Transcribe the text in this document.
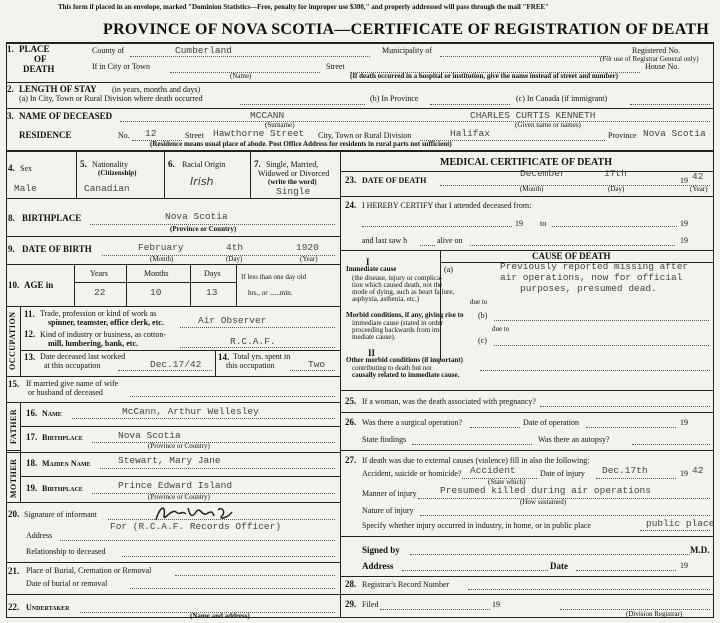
This form if placed in an envelope, marked "Dominion Statistics—Free, penalty for improper use $300," and properly addressed will pass through the mail "FREE"
PROVINCE OF NOVA SCOTIA—CERTIFICATE OF REGISTRATION OF DEATH
1. PLACE
OF
DEATH
County of	Cumberland	Municipality of	Registered No.
(For use of Registrar General only)
If in City or Town	Street	House No.
(Name)	(If death occurred in a hospital or institution, give the name instead of street and number)
2. LENGTH OF STAY (in years, months and days)
(a) In City, Town or Rural Division where death occurred	(b) In Province	(c) In Canada (if immigrant)
3. NAME OF DECEASED	MCCANN	CHARLES CURTIS KENNETH
(Surname)	(Given name or names)
RESIDENCE	No. 12	Street Hawthorne Street City, Town or Rural Division	Halifax	Province Nova Scotia
(Residence means usual place of abode. Post Office Address for residents in rural parts not sufficient)
4. Sex
Male
5. Nationality
(Citizenship)
Canadian
6. Racial Origin
Irish
7. Single, Married,
Widowed or Divorced
(write the word)
Single
8. BIRTHPLACE	Nova Scotia
(Province or Country)
9. DATE OF BIRTH	February	4th	1920
(Month)	(Day)	(Year)
10. AGE in
Years	Months	Days
22	10	13
If less than one day old
hrs., or ......min.
OCCUPATION 11. Trade, profession or kind of work as
spinner, teamster, office clerk, etc.	Air Observer
12. Kind of industry or business, as cotton-
mill, lumbering, bank, etc.	R.C.A.F.
13. Date deceased last worked
at this occupation	Dec.17/42
14. Total yrs. spent in
this occupation	Two
15. If married give name of wife
or husband of deceased
FATHER
MOTHER
16. Name	McCann, Arthur Wellesley
17. Birthplace	Nova Scotia
(Province or Country)
18. Maiden Name	Stewart, Mary Jane
19. Birthplace	Prince Edward Island
(Province or Country)
20. Signature of informant
For (R.C.A.F. Records Officer)
Address
Relationship to deceased
21. Place of Burial, Cremation or Removal
Date of burial or removal
22. Undertaker
(Name and address)
MEDICAL CERTIFICATE OF DEATH
23. DATE OF DEATH
December	17th
19 42
(Month)	(Day)	(Year)
24. I HEREBY CERTIFY that I attended deceased from:
19 to	19
and last saw h	alive on	19
CAUSE OF DEATH
I
Immediate cause
(the disease, injury or complica-
tion which caused death, not the
mode of dying, such as heart failure,
asphyxia, asthenia, etc.)
(a)	Previously reported missing after
air operations, now for official
purposes, presumed dead.
due to
Morbid conditions, if any, giving rise to
immediate cause (stated in order
proceeding backwards from im-
mediate cause).
(b)
due to
(c)
II
Other morbid conditions (if important)
contributing to death but not
causally related to immediate cause.
25. If a woman, was the death associated with pregnancy?
26. Was there a surgical operation?	Date of operation	19
State findings	Was there an autopsy?
27. If death was due to external causes (violence) fill in also the following:
Accident, suicide or homicide? Accident
(State which)
Date of injury Dec.17th	19 42
Manner of injury Presumed killed during air operations
(How sustained)
Nature of injury
Specify whether injury occurred in industry, in home, or in public place	public place
Signed by	M.D.
Address	Date	19
28. Registrar's Record Number
29. Filed	19
(Division Registrar)
